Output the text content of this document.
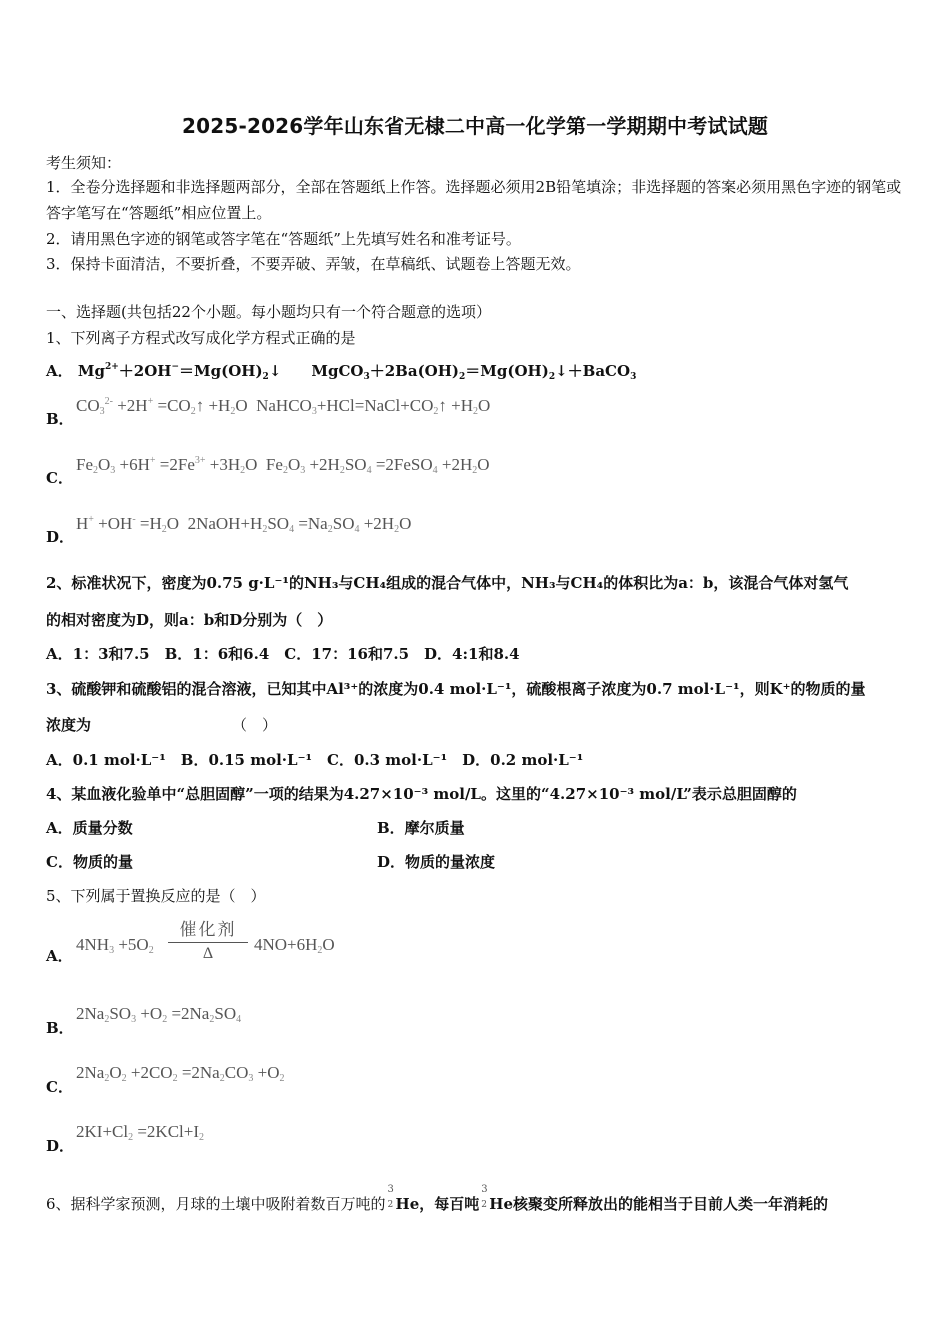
2025-2026学年山东省无棣二中高一化学第一学期期中考试试题
考生须知：
1．全卷分选择题和非选择题两部分，全部在答题纸上作答。选择题必须用2B铅笔填涂；非选择题的答案必须用黑色字迹的钢笔或答字笔写在“答题纸”相应位置上。
2．请用黑色字迹的钢笔或答字笔在“答题纸”上先填写姓名和准考证号。
3．保持卡面清洁，不要折叠，不要弄破、弄皱，在草稿纸、试题卷上答题无效。
一、选择题(共包括22个小题。每小题均只有一个符合题意的选项）
1、下列离子方程式改写成化学方程式正确的是
A． $Mg^{2+}+2OH^-=Mg(OH)_2↓$　　$MgCO_3+2Ba(OH)_2=Mg(OH)_2↓+BaCO_3$
B．
$CO_3^{2-} +2H^+$ $=CO_2↑ +H_2O$  $NaHCO_3+HCl=NaCl+CO_2↑ +H_2O$
C．
$Fe_2O_3 +6H^+ =2Fe^{3+} +3H_2O$  $Fe_2O_3 +2H_2SO_4$ =2FeSO$_4$ $+2H_2O$
D．
$H^+ +OH^- =H_2O$  $2NaOH+H_2SO_4 =Na_2SO_4 +2H_2O$
2、标准状况下，密度为0.75 g·L⁻¹的NH₃与CH₄组成的混合气体中，NH₃与CH₄的体积比为a：b，该混合气体对氢气
的相对密度为D，则a：b和D分别为（　）
A．1：3和7.5　B．1：6和6.4　C．17：16和7.5　D．4:1和8.4
3、硫酸钾和硫酸铝的混合溶液，已知其中Al³⁺的浓度为0.4 mol·L⁻¹，硫酸根离子浓度为0.7 mol·L⁻¹，则K⁺的物质的量
浓度为	（　）
A．0.1 mol·L⁻¹　B．0.15 mol·L⁻¹　C．0.3 mol·L⁻¹　D．0.2 mol·L⁻¹
4、某血液化验单中“总胆固醇”一项的结果为4.27×10⁻³ mol/L。这里的“4.27×10⁻³ mol/L”表示总胆固醇的
A．质量分数	B．摩尔质量
C．物质的量	D．物质的量浓度
5、下列属于置换反应的是（　）
A．
$4NH_3 +5O_2$
催化剂
Δ	$4NO+6H_2O$
B．
$2Na_2SO_3 +O_2 =2Na_2SO_4$
C．
$2Na_2O_2 +2CO_2 =2Na_2CO_3 +O_2$
D．
$2KI+Cl_2 =2KCl+I_2$
6、据科学家预测，月球的土壤中吸附着数百万吨的
3
2 He，每百吨
3
2 He核聚变所释放出的能相当于目前人类一年消耗的
